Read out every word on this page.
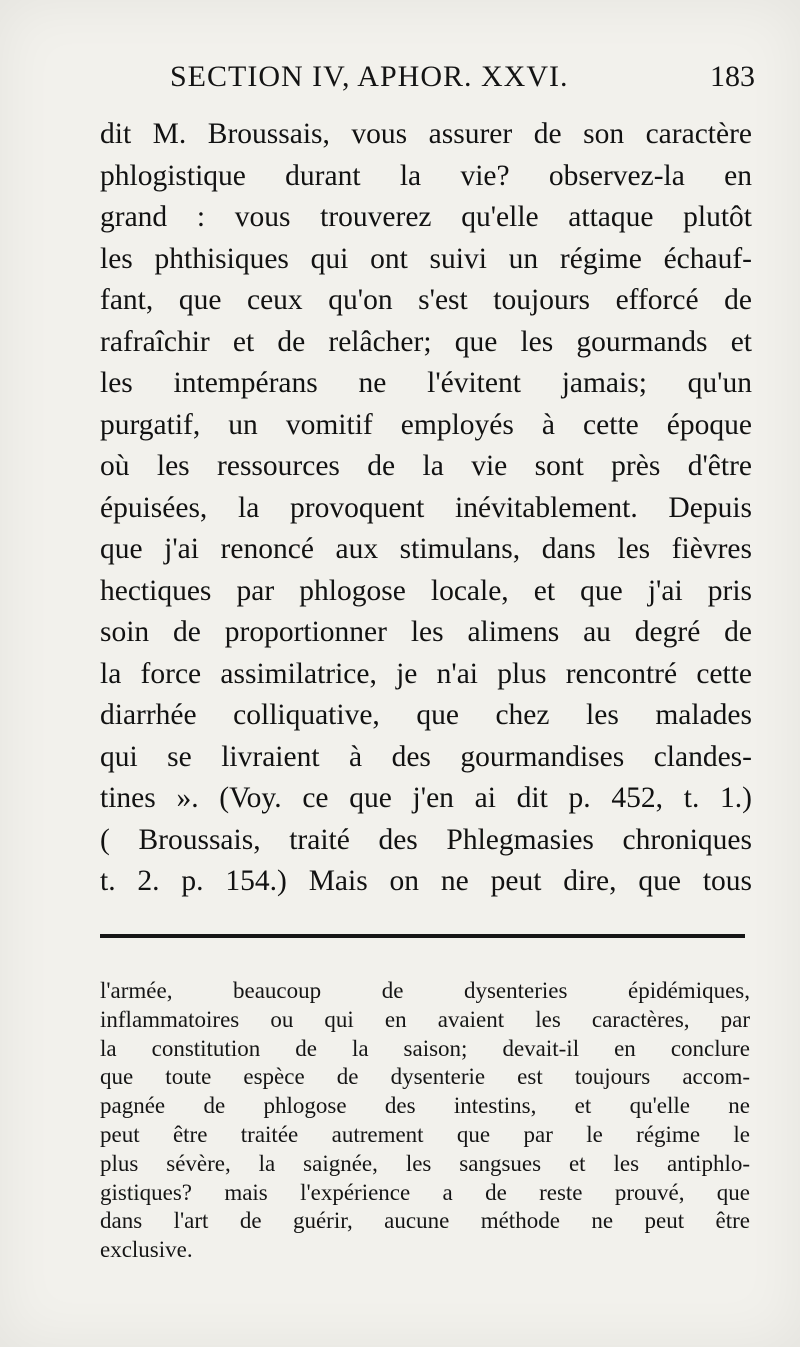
SECTION IV, APHOR. XXVI.	183
dit M. Broussais, vous assurer de son caractère
phlogistique durant la vie? observez-la en
grand : vous trouverez qu'elle attaque plutôt
les phthisiques qui ont suivi un régime échauf-
fant, que ceux qu'on s'est toujours efforcé de
rafraîchir et de relâcher; que les gourmands et
les intempérans ne l'évitent jamais; qu'un
purgatif, un vomitif employés à cette époque
où les ressources de la vie sont près d'être
épuisées, la provoquent inévitablement. Depuis
que j'ai renoncé aux stimulans, dans les fièvres
hectiques par phlogose locale, et que j'ai pris
soin de proportionner les alimens au degré de
la force assimilatrice, je n'ai plus rencontré cette
diarrhée colliquative, que chez les malades
qui se livraient à des gourmandises clandes-
tines ». (Voy. ce que j'en ai dit p. 452, t. 1.)
( Broussais, traité des Phlegmasies chroniques
t. 2. p. 154.) Mais on ne peut dire, que tous
l'armée, beaucoup de dysenteries épidémiques,
inflammatoires ou qui en avaient les caractères, par
la constitution de la saison; devait-il en conclure
que toute espèce de dysenterie est toujours accom-
pagnée de phlogose des intestins, et qu'elle ne
peut être traitée autrement que par le régime le
plus sévère, la saignée, les sangsues et les antiphlo-
gistiques? mais l'expérience a de reste prouvé, que
dans l'art de guérir, aucune méthode ne peut être
exclusive.
